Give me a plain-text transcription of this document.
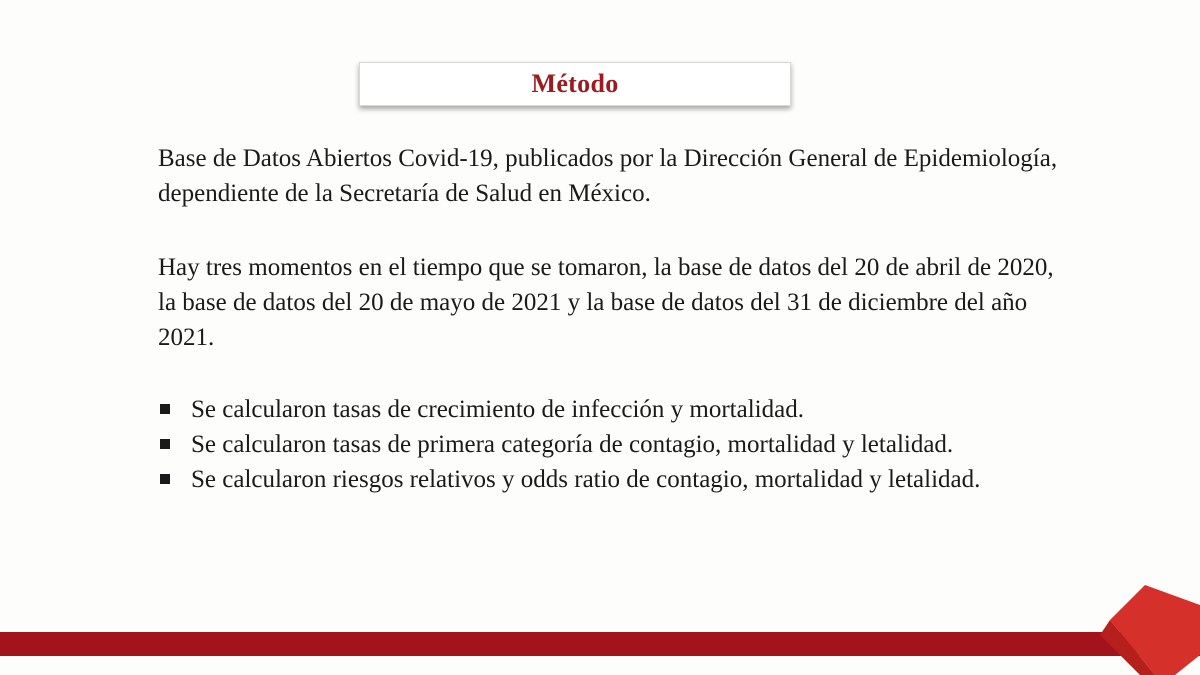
Método

Base de Datos Abiertos Covid-19, publicados por la Dirección General de Epidemiología, dependiente de la Secretaría de Salud en México.

Hay tres momentos en el tiempo que se tomaron, la base de datos del 20 de abril de 2020, la base de datos del 20 de mayo de 2021 y la base de datos del 31 de diciembre del año 2021.

Se calcularon tasas de crecimiento de infección y mortalidad.
Se calcularon tasas de primera categoría de contagio, mortalidad y letalidad.
Se calcularon riesgos relativos y odds ratio de contagio, mortalidad y letalidad.
